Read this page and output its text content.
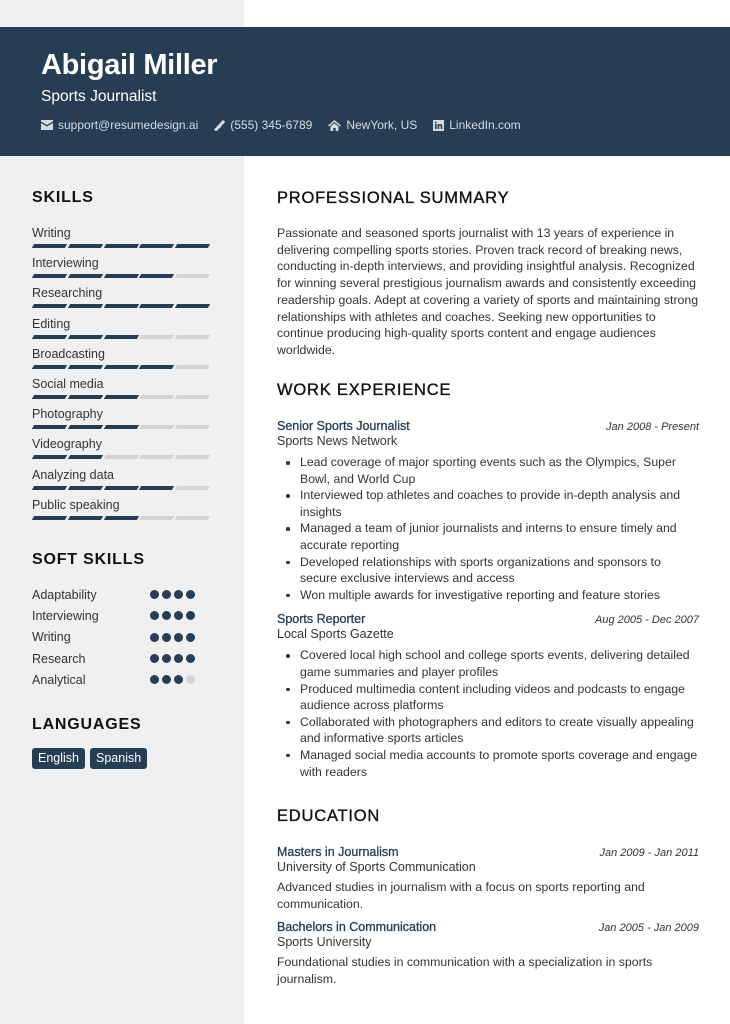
Abigail Miller
Sports Journalist
support@resumedesign.ai	(555) 345-6789	NewYork, US	LinkedIn.com
SKILLS
Writing
Interviewing
Researching
Editing
Broadcasting
Social media
Photography
Videography
Analyzing data
Public speaking
SOFT SKILLS
Adaptability
Interviewing
Writing
Research
Analytical
LANGUAGES
English	Spanish
PROFESSIONAL SUMMARY

Passionate and seasoned sports journalist with 13 years of experience in delivering compelling sports stories. Proven track record of breaking news, conducting in-depth interviews, and providing insightful analysis. Recognized for winning several prestigious journalism awards and consistently exceeding readership goals. Adept at covering a variety of sports and maintaining strong relationships with athletes and coaches. Seeking new opportunities to continue producing high-quality sports content and engage audiences worldwide.

WORK EXPERIENCE
Senior Sports Journalist	Jan 2008 - Present
Sports News Network
Lead coverage of major sporting events such as the Olympics, Super Bowl, and World Cup
Interviewed top athletes and coaches to provide in-depth analysis and insights
Managed a team of junior journalists and interns to ensure timely and accurate reporting
Developed relationships with sports organizations and sponsors to secure exclusive interviews and access
Won multiple awards for investigative reporting and feature stories
Sports Reporter	Aug 2005 - Dec 2007
Local Sports Gazette
Covered local high school and college sports events, delivering detailed game summaries and player profiles
Produced multimedia content including videos and podcasts to engage audience across platforms
Collaborated with photographers and editors to create visually appealing and informative sports articles
Managed social media accounts to promote sports coverage and engage with readers
EDUCATION
Masters in Journalism	Jan 2009 - Jan 2011
University of Sports Communication

Advanced studies in journalism with a focus on sports reporting and communication.

Bachelors in Communication	Jan 2005 - Jan 2009
Sports University

Foundational studies in communication with a specialization in sports journalism.
